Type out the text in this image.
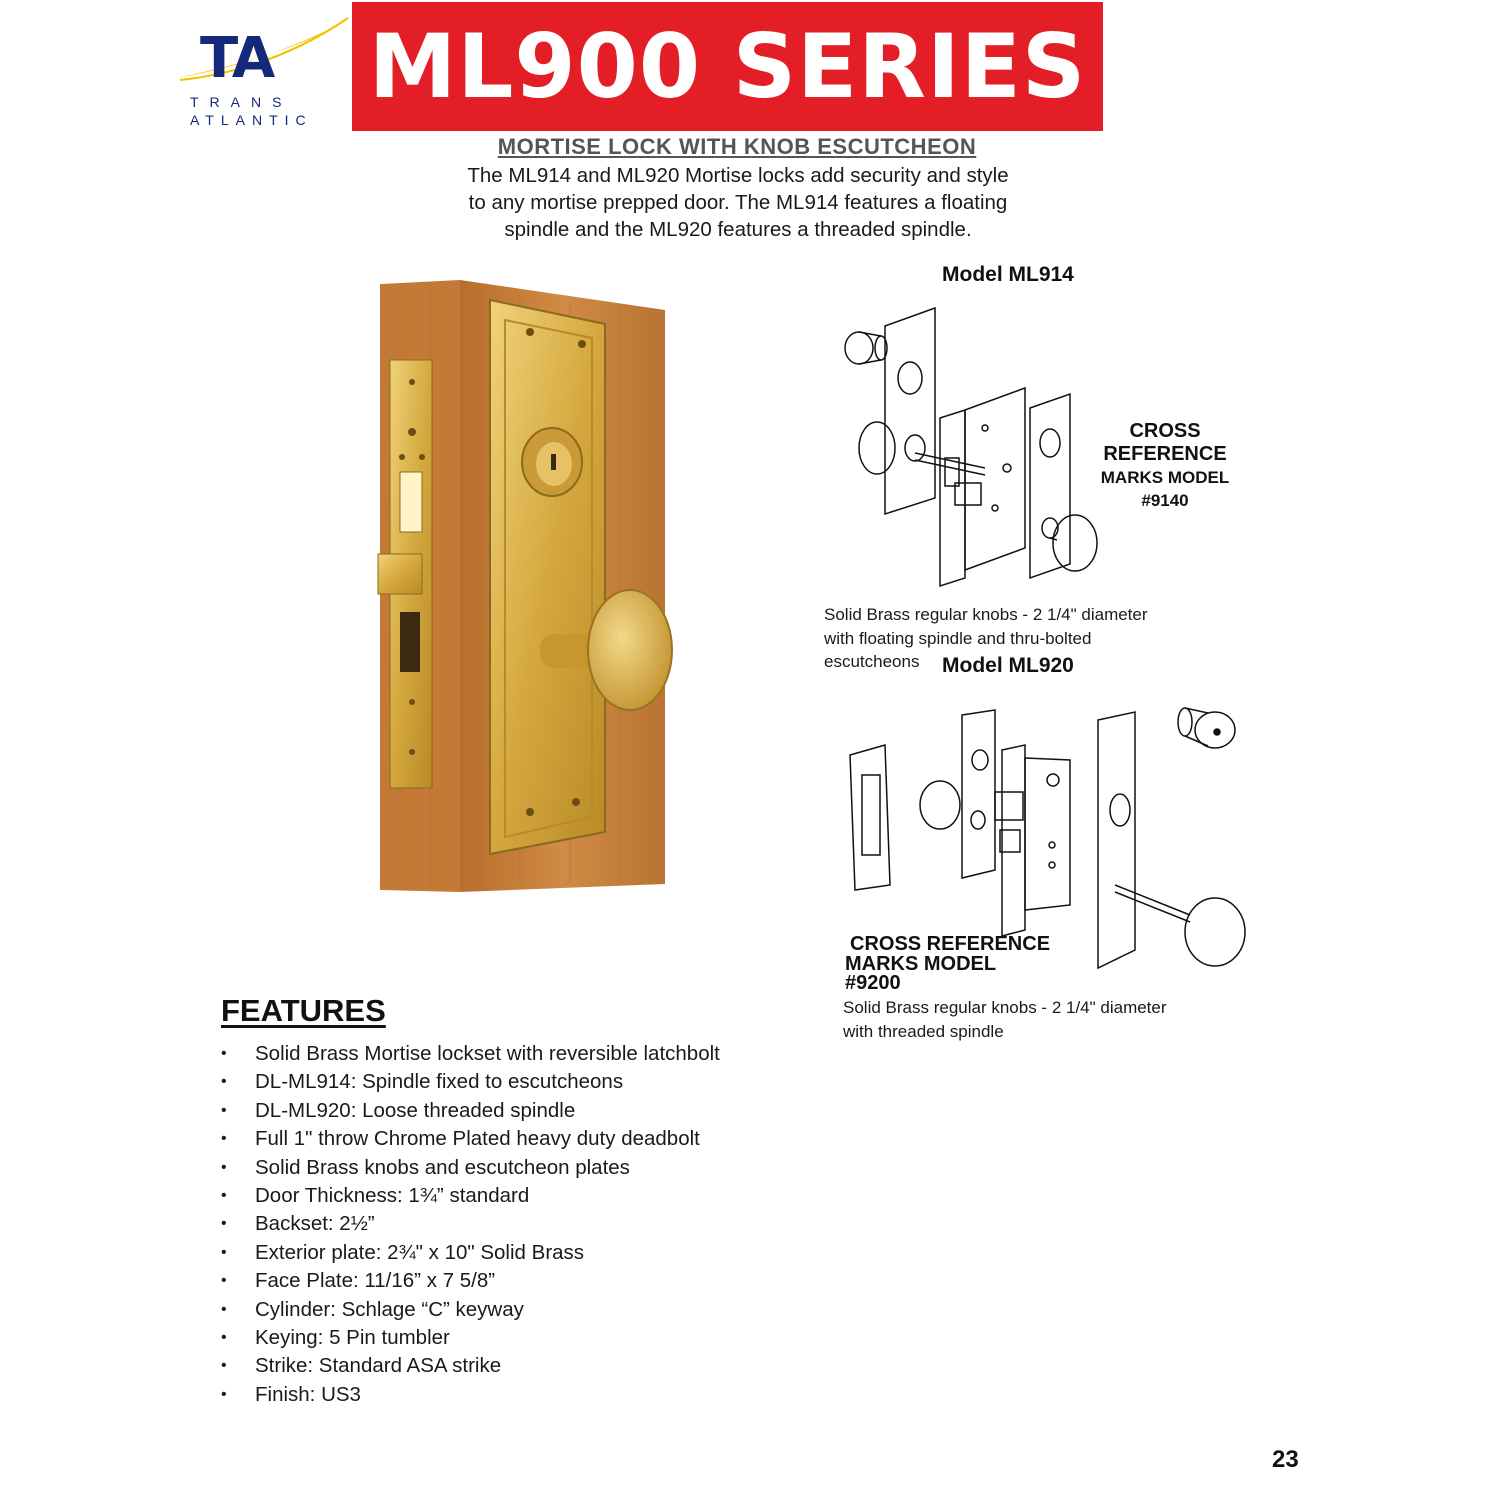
TA
TRANS
ATLANTIC
ML900 SERIES
MORTISE LOCK WITH KNOB ESCUTCHEON
The ML914 and ML920 Mortise locks add security and style
to any mortise prepped door. The ML914 features a floating
spindle and the ML920 features a threaded spindle.
Model ML914
CROSS
REFERENCE
MARKS MODEL
#9140
Solid Brass regular knobs - 2 1/4" diameter
with floating spindle and thru-bolted
escutcheons	Model ML920
CROSS REFERENCE
MARKS MODEL
#9200
Solid Brass regular knobs - 2 1/4" diameter
with threaded spindle
FEATURES
• Solid Brass Mortise lockset with reversible latchbolt
• DL-ML914: Spindle fixed to escutcheons
• DL-ML920: Loose threaded spindle
• Full 1" throw Chrome Plated heavy duty deadbolt
• Solid Brass knobs and escutcheon plates
• Door Thickness: 1¾” standard
• Backset: 2½”
• Exterior plate: 2¾" x 10" Solid Brass
• Face Plate: 11/16” x 7 5/8”
• Cylinder: Schlage “C” keyway
• Keying: 5 Pin tumbler
• Strike: Standard ASA strike
• Finish: US3
23
